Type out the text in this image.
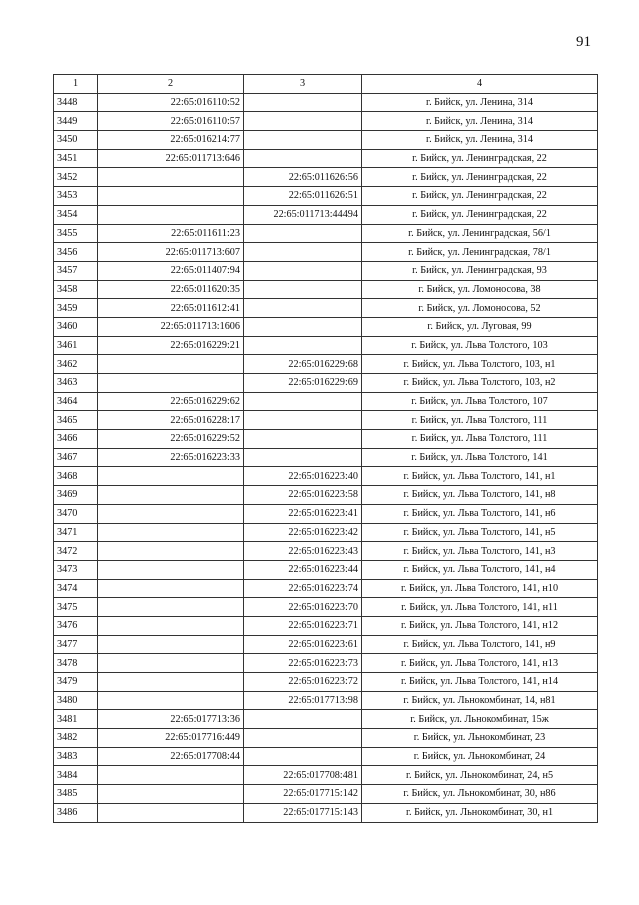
91
1	2	3	4
3448	22:65:016110:52		г. Бийск, ул. Ленина, 314
3449	22:65:016110:57		г. Бийск, ул. Ленина, 314
3450	22:65:016214:77		г. Бийск, ул. Ленина, 314
3451	22:65:011713:646		г. Бийск, ул. Ленинградская, 22
3452		22:65:011626:56	г. Бийск, ул. Ленинградская, 22
3453		22:65:011626:51	г. Бийск, ул. Ленинградская, 22
3454		22:65:011713:44494	г. Бийск, ул. Ленинградская, 22
3455	22:65:011611:23		г. Бийск, ул. Ленинградская, 56/1
3456	22:65:011713:607		г. Бийск, ул. Ленинградская, 78/1
3457	22:65:011407:94		г. Бийск, ул. Ленинградская, 93
3458	22:65:011620:35		г. Бийск, ул. Ломоносова, 38
3459	22:65:011612:41		г. Бийск, ул. Ломоносова, 52
3460	22:65:011713:1606		г. Бийск, ул. Луговая, 99
3461	22:65:016229:21		г. Бийск, ул. Льва Толстого, 103
3462		22:65:016229:68	г. Бийск, ул. Льва Толстого, 103, н1
3463		22:65:016229:69	г. Бийск, ул. Льва Толстого, 103, н2
3464	22:65:016229:62		г. Бийск, ул. Льва Толстого, 107
3465	22:65:016228:17		г. Бийск, ул. Льва Толстого, 111
3466	22:65:016229:52		г. Бийск, ул. Льва Толстого, 111
3467	22:65:016223:33		г. Бийск, ул. Льва Толстого, 141
3468		22:65:016223:40	г. Бийск, ул. Льва Толстого, 141, н1
3469		22:65:016223:58	г. Бийск, ул. Льва Толстого, 141, н8
3470		22:65:016223:41	г. Бийск, ул. Льва Толстого, 141, н6
3471		22:65:016223:42	г. Бийск, ул. Льва Толстого, 141, н5
3472		22:65:016223:43	г. Бийск, ул. Льва Толстого, 141, н3
3473		22:65:016223:44	г. Бийск, ул. Льва Толстого, 141, н4
3474		22:65:016223:74	г. Бийск, ул. Льва Толстого, 141, н10
3475		22:65:016223:70	г. Бийск, ул. Льва Толстого, 141, н11
3476		22:65:016223:71	г. Бийск, ул. Льва Толстого, 141, н12
3477		22:65:016223:61	г. Бийск, ул. Льва Толстого, 141, н9
3478		22:65:016223:73	г. Бийск, ул. Льва Толстого, 141, н13
3479		22:65:016223:72	г. Бийск, ул. Льва Толстого, 141, н14
3480		22:65:017713:98	г. Бийск, ул. Льнокомбинат, 14, н81
3481	22:65:017713:36		г. Бийск, ул. Льнокомбинат, 15ж
3482	22:65:017716:449		г. Бийск, ул. Льнокомбинат, 23
3483	22:65:017708:44		г. Бийск, ул. Льнокомбинат, 24
3484		22:65:017708:481	г. Бийск, ул. Льнокомбинат, 24, н5
3485		22:65:017715:142	г. Бийск, ул. Льнокомбинат, 30, н86
3486		22:65:017715:143	г. Бийск, ул. Льнокомбинат, 30, н1
